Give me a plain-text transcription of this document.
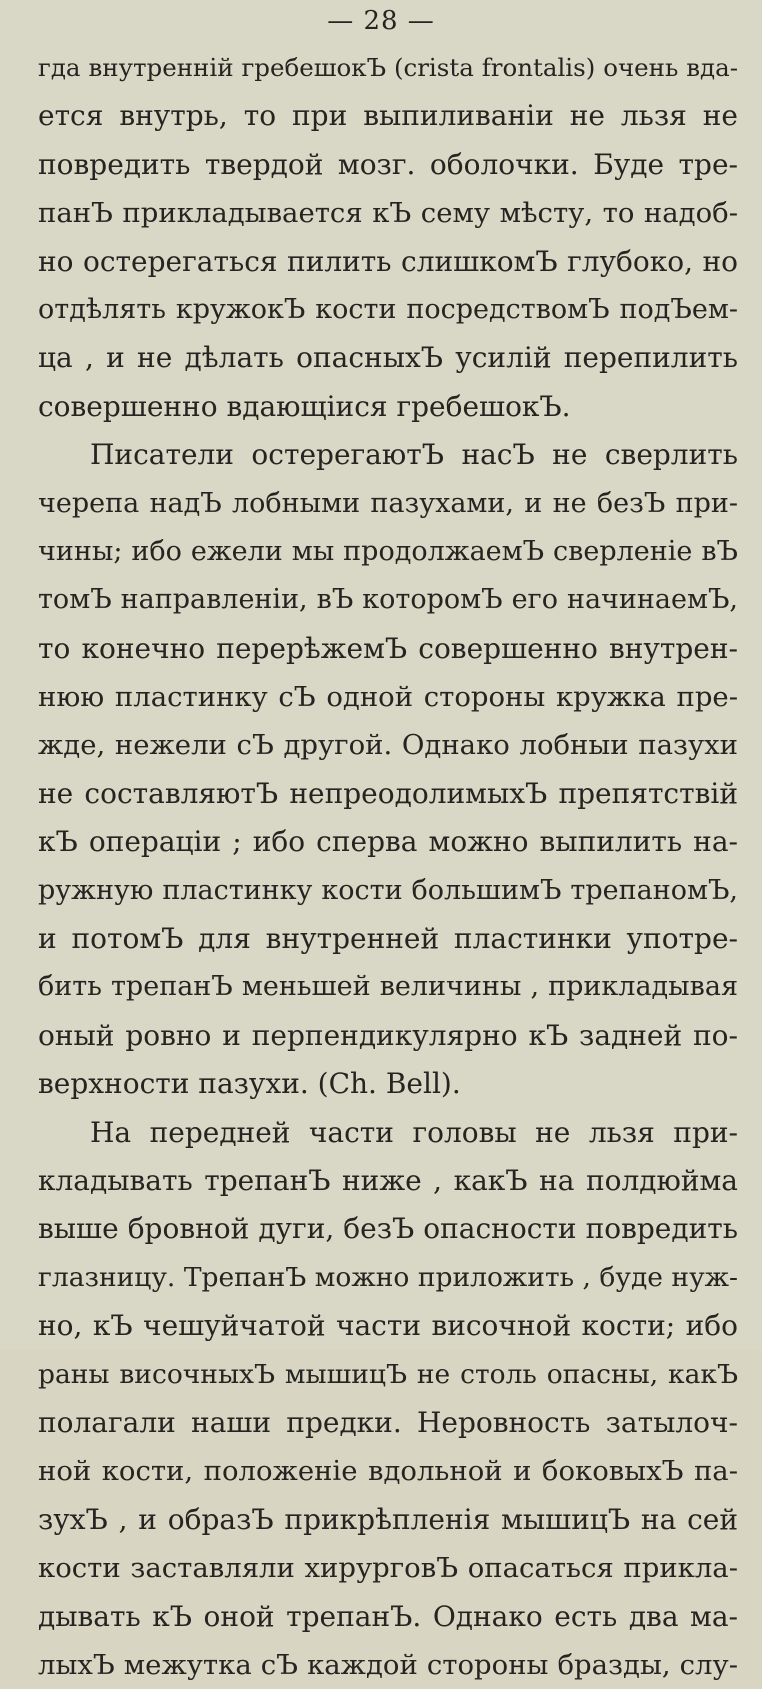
— 28 —
гда внутренній гребешокЪ (crista frontalis) очень вда-
ется внутрь, то при выпиливаніи не льзя не
повредить твердой мозг. оболочки. Буде тре-
панЪ прикладывается кЪ сему мѣсту, то надоб-
но остерегаться пилить слишкомЪ глубоко, но
отдѣлять кружокЪ кости посредствомЪ подЪем-
ца , и не дѣлать опасныхЪ усилій перепилить
совершенно вдающіися гребешокЪ.
Писатели остерегаютЪ насЪ не сверлить
черепа надЪ лобными пазухами, и не безЪ при-
чины; ибо ежели мы продолжаемЪ сверленіе вЪ
томЪ направленіи, вЪ которомЪ его начинаемЪ,
то конечно перерѣжемЪ совершенно внутрен-
нюю пластинку сЪ одной стороны кружка пре-
жде, нежели сЪ другой. Однако лобныи пазухи
не составляютЪ непреодолимыхЪ препятствій
кЪ операціи ; ибо сперва можно выпилить на-
ружную пластинку кости большимЪ трепаномЪ,
и потомЪ для внутренней пластинки употре-
бить трепанЪ меньшей величины , прикладывая
оный ровно и перпендикулярно кЪ задней по-
верхности пазухи. (Ch. Bell).
На передней части головы не льзя при-
кладывать трепанЪ ниже , какЪ на полдюйма
выше бровной дуги, безЪ опасности повредить
глазницу. ТрепанЪ можно приложить , буде нуж-
но, кЪ чешуйчатой части височной кости; ибо
раны височныхЪ мышицЪ не столь опасны, какЪ
полагали наши предки. Неровность затылоч-
ной кости, положеніе вдольной и боковыхЪ па-
зухЪ , и образЪ прикрѣпленія мышицЪ на сей
кости заставляли хирурговЪ опасаться прикла-
дывать кЪ оной трепанЪ. Однако есть два ма-
лыхЪ межутка сЪ каждой стороны бразды, слу-
